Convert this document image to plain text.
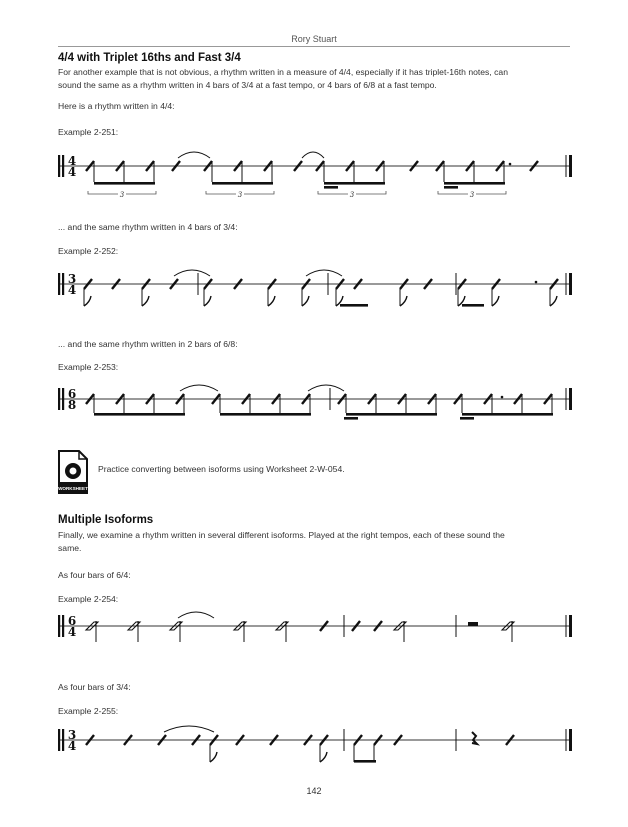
Rory Stuart
4/4 with Triplet 16ths and Fast 3/4
For another example that is not obvious, a rhythm written in a measure of 4/4, especially if it has triplet-16th notes, can
sound the same as a rhythm written in 4 bars of 3/4 at a fast tempo, or 4 bars of 6/8 at a fast tempo.
Here is a rhythm written in 4/4:
Example 2-251:
4
4
3	3	3	3
... and the same rhythm written in 4 bars of 3/4:
Example 2-252:
3
4
... and the same rhythm written in 2 bars of 6/8:
Example 2-253:
6
8
WORKSHEET
Practice converting between isoforms using Worksheet 2-W-054.
Multiple Isoforms
Finally, we examine a rhythm written in several different isoforms. Played at the right tempos, each of these sound the
same.
As four bars of 6/4:
Example 2-254:
6
4
As four bars of 3/4:
Example 2-255:
3
4
142
